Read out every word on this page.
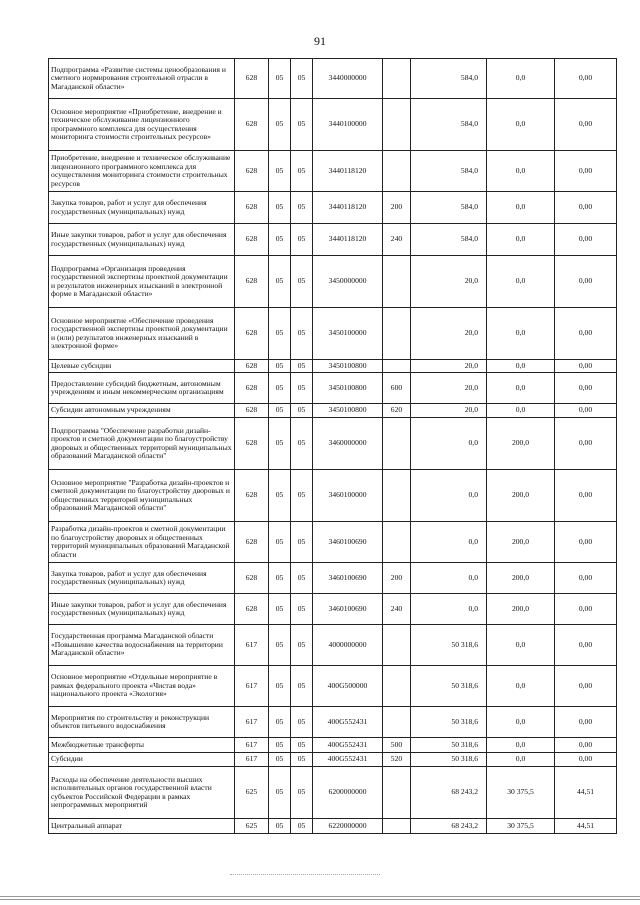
91
Подпрограмма «Развитие системы ценообразования и сметного нормирования строительной отрасли в Магаданской области»	628	05	05	3440000000		584,0	0,0	0,00
Основное мероприятие «Приобретение, внедрение и техническое обслуживание лицензионного программного комплекса для осуществления мониторинга стоимости строительных ресурсов»	628	05	05	3440100000		584,0	0,0	0,00
Приобретение, внедрение и техническое обслуживание лицензионного программного комплекса для осуществления мониторинга стоимости строительных ресурсов	628	05	05	3440118120		584,0	0,0	0,00
Закупка товаров, работ и услуг для обеспечения государственных (муниципальных) нужд	628	05	05	3440118120	200	584,0	0,0	0,00
Иные закупки товаров, работ и услуг для обеспечения государственных (муниципальных) нужд	628	05	05	3440118120	240	584,0	0,0	0,00
Подпрограмма «Организация проведения государственной экспертизы проектной документации и результатов инженерных изысканий в электронной форме в Магаданской области»	628	05	05	3450000000		20,0	0,0	0,00
Основное мероприятие «Обеспечение проведения государственной экспертизы проектной документации и (или) результатов инженерных изысканий в электронной форме»	628	05	05	3450100000		20,0	0,0	0,00
Целевые субсидии	628	05	05	3450100800		20,0	0,0	0,00
Предоставление субсидий бюджетным, автономным учреждениям и иным некоммерческим организациям	628	05	05	3450100800	600	20,0	0,0	0,00
Субсидии автономным учреждениям	628	05	05	3450100800	620	20,0	0,0	0,00
Подпрограмма "Обеспечение разработки дизайн-проектов и сметной документации по благоустройству дворовых и общественных территорий муниципальных образований Магаданской области"	628	05	05	3460000000		0,0	200,0	0,00
Основное мероприятие "Разработка дизайн-проектов и сметной документации по благоустройству дворовых и общественных территорий муниципальных образований Магаданской области"	628	05	05	3460100000		0,0	200,0	0,00
Разработка дизайн-проектов и сметной документации по благоустройству дворовых и общественных территорий муниципальных образований Магаданской области	628	05	05	3460100690		0,0	200,0	0,00
Закупка товаров, работ и услуг для обеспечения государственных (муниципальных) нужд	628	05	05	3460100690	200	0,0	200,0	0,00
Иные закупки товаров, работ и услуг для обеспечения государственных (муниципальных) нужд	628	05	05	3460100690	240	0,0	200,0	0,00
Государственная программа Магаданской области «Повышение качества водоснабжения на территории Магаданской области»	617	05	05	4000000000		50 318,6	0,0	0,00
Основное мероприятие «Отдельные мероприятие в рамках федерального проекта «Чистая вода» национального проекта «Экология»	617	05	05	400G500000		50 318,6	0,0	0,00
Мероприятия по строительству и реконструкции объектов питьевого водоснабжения	617	05	05	400G552431		50 318,6	0,0	0,00
Межбюджетные трансферты	617	05	05	400G552431	500	50 318,6	0,0	0,00
Субсидии	617	05	05	400G552431	520	50 318,6	0,0	0,00
Расходы на обеспечение деятельности высших исполнительных органов государственной власти субъектов Российской Федерации в рамках непрограммных мероприятий	625	05	05	6200000000		68 243,2	30 375,5	44,51
Центральный аппарат	625	05	05	6220000000		68 243,2	30 375,5	44,51
